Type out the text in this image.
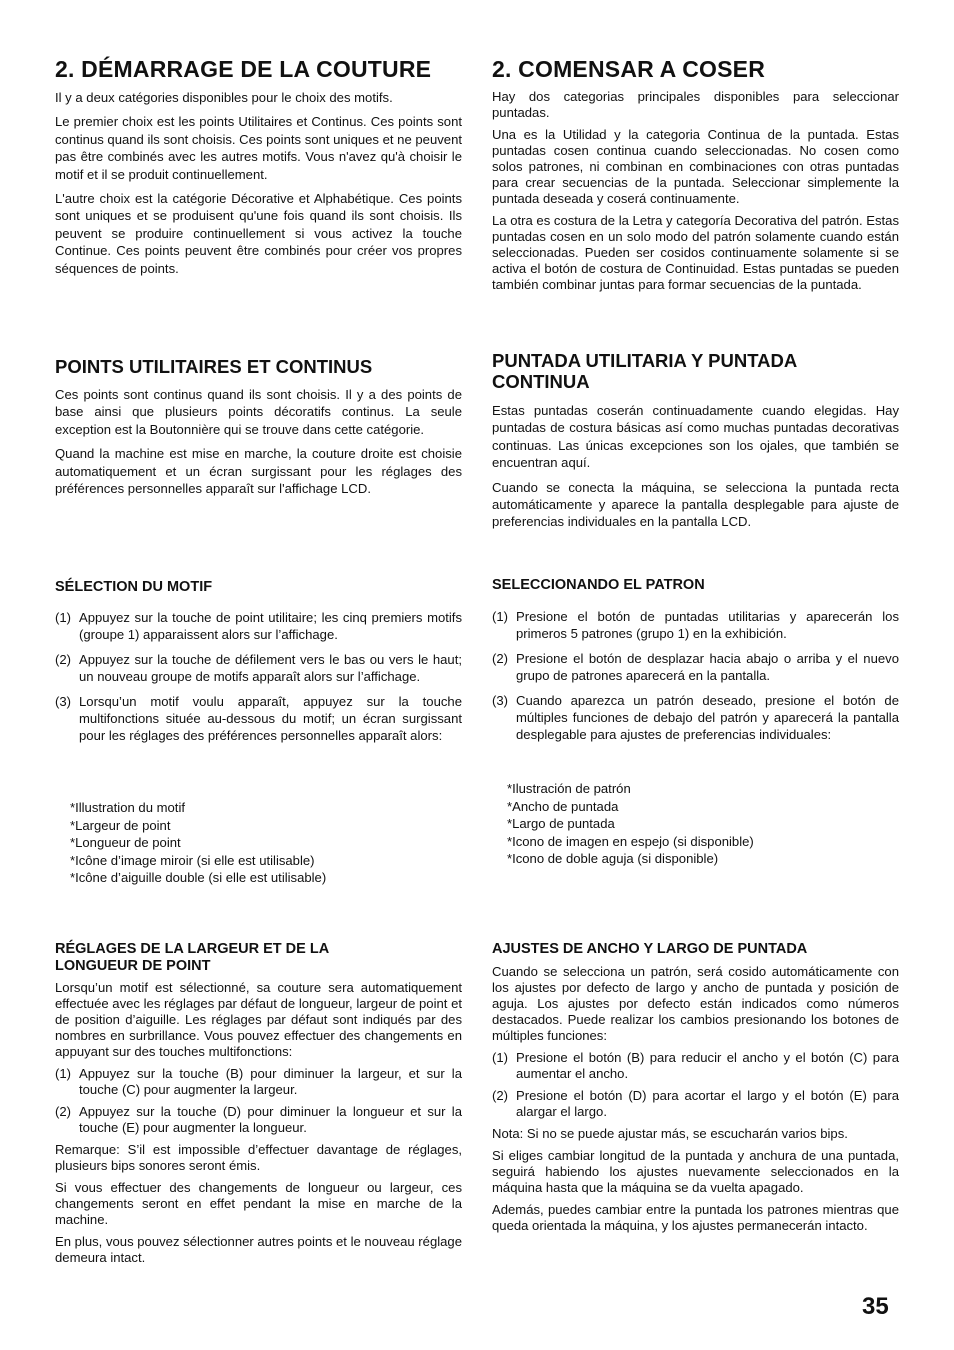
2. DÉMARRAGE DE LA COUTURE

Il y a deux catégories disponibles pour le choix des motifs.

Le premier choix est les points Utilitaires et Continus. Ces points sont continus quand ils sont choisis. Ces points sont uniques et ne peuvent pas être combinés avec les autres motifs. Vous n'avez qu'à choisir le motif et il se produit continuellement.

L'autre choix est la catégorie Décorative et Alphabétique. Ces points sont uniques et se produisent qu'une fois quand ils sont choisis. Ils peuvent se produire continuellement si vous activez la touche Continue. Ces points peuvent être combinés pour créer vos propres séquences de points.

POINTS UTILITAIRES ET CONTINUS

Ces points sont continus quand ils sont choisis. Il y a des points de base ainsi que plusieurs points décoratifs continus. La seule exception est la Boutonnière qui se trouve dans cette catégorie.

Quand la machine est mise en marche, la couture droite est choisie automatiquement et un écran surgissant pour les réglages des préférences personnelles apparaît sur l'affichage LCD.

SÉLECTION DU MOTIF
(1) Appuyez sur la touche de point utilitaire; les cinq premiers motifs (groupe 1) apparaissent alors sur l’affichage.
(2) Appuyez sur la touche de défilement vers le bas ou vers le haut; un nouveau groupe de motifs apparaît alors sur l’affichage.
(3) Lorsqu’un motif voulu apparaît, appuyez sur la touche multifonctions située au-dessous du motif; un écran surgissant pour les réglages des préférences personnelles apparaît alors:
*Illustration du motif
*Largeur de point
*Longueur de point
*Icône d’image miroir (si elle est utilisable)
*Icône d’aiguille double (si elle est utilisable)
RÉGLAGES DE LA LARGEUR ET DE LA
LONGUEUR DE POINT

Lorsqu’un motif est sélectionné, sa couture sera automatiquement effectuée avec les réglages par défaut de longueur, largeur de point et de position d’aiguille. Les réglages par défaut sont indiqués par des nombres en surbrillance. Vous pouvez effectuer des changements en appuyant sur des touches multifonctions:

(1) Appuyez sur la touche (B) pour diminuer la largeur, et sur la touche (C) pour augmenter la largeur.
(2) Appuyez sur la touche (D) pour diminuer la longueur et sur la touche (E) pour augmenter la longueur.

Remarque: S’il est impossible d’effectuer davantage de réglages, plusieurs bips sonores seront émis.

Si vous effectuer des changements de longueur ou largeur, ces changements seront en effet pendant la mise en marche de la machine.

En plus, vous pouvez sélectionner autres points et le nouveau réglage demeura intact.

2. COMENSAR A COSER

Hay dos categorias principales disponibles para seleccionar puntadas.

Una es la Utilidad y la categoria Continua de la puntada. Estas puntadas cosen continua cuando seleccionadas. No cosen como solos patrones, ni combinan en combinaciones con otras puntadas para crear secuencias de la puntada. Seleccionar simplemente la puntada deseada y coserá continuamente.

La otra es costura de la Letra y categoría Decorativa del patrón. Estas puntadas cosen en un solo modo del patrón solamente cuando están seleccionadas. Pueden ser cosidos continuamente solamente si se activa el botón de costura de Continuidad. Estas puntadas se pueden también combinar juntas para formar secuencias de la puntada.

PUNTADA UTILITARIA Y PUNTADA
CONTINUA

Estas puntadas coserán continuadamente cuando elegidas. Hay puntadas de costura básicas así como muchas puntadas decorativas continuas. Las únicas excepciones son los ojales, que también se encuentran aquí.

Cuando se conecta la máquina, se selecciona la puntada recta automáticamente y aparece la pantalla desplegable para ajuste de preferencias individuales en la pantalla LCD.

SELECCIONANDO EL PATRON
(1) Presione el botón de puntadas utilitarias y aparecerán los primeros 5 patrones (grupo 1) en la exhibición.
(2) Presione el botón de desplazar hacia abajo o arriba y el nuevo grupo de patrones aparecerá en la pantalla.
(3) Cuando aparezca un patrón deseado, presione el botón de múltiples funciones de debajo del patrón y aparecerá la pantalla desplegable para ajustes de preferencias individuales:
*Ilustración de patrón
*Ancho de puntada
*Largo de puntada
*Icono de imagen en espejo (si disponible)
*Icono de doble aguja (si disponible)
AJUSTES DE ANCHO Y LARGO DE PUNTADA

Cuando se selecciona un patrón, será cosido automáticamente con los ajustes por defecto de largo y ancho de puntada y posición de aguja. Los ajustes por defecto están indicados como números destacados. Puede realizar los cambios presionando los botones de múltiples funciones:

(1) Presione el botón (B) para reducir el ancho y el botón (C) para aumentar el ancho.
(2) Presione el botón (D) para acortar el largo y el botón (E) para alargar el largo.

Nota: Si no se puede ajustar más, se escucharán varios bips.

Si eliges cambiar longitud de la puntada y anchura de una puntada, seguirá habiendo los ajustes nuevamente seleccionados en la máquina hasta que la máquina se da vuelta apagado.

Además, puedes cambiar entre la puntada los patrones mientras que queda orientada la máquina, y los ajustes permanecerán intacto.

35
